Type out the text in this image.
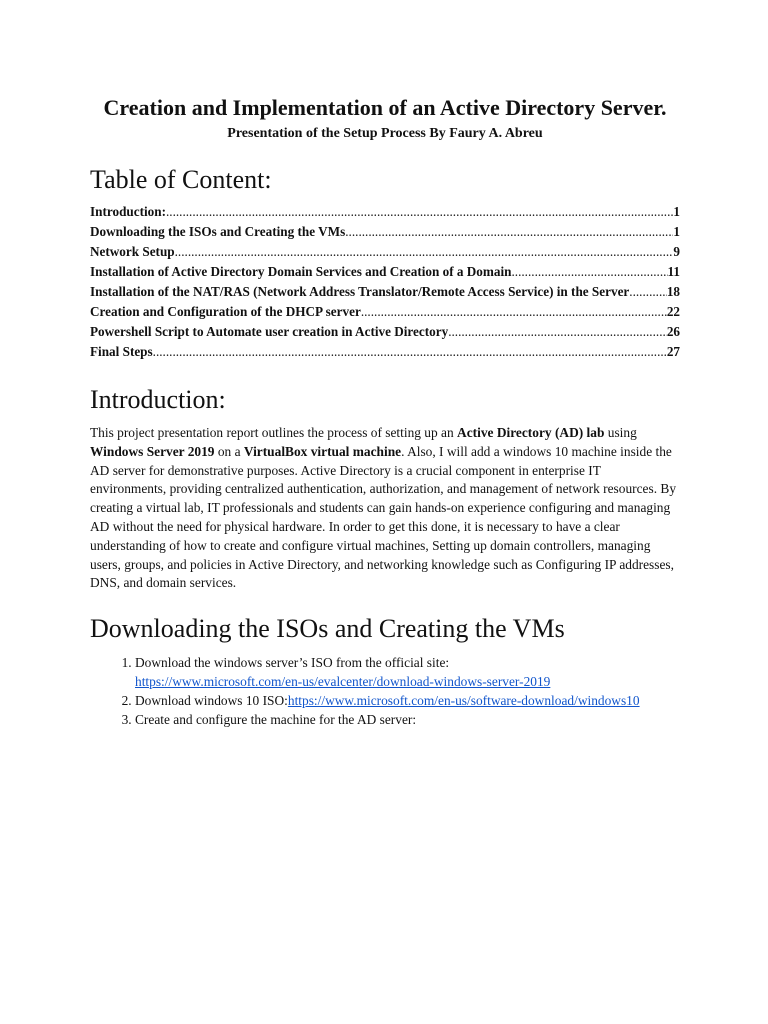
Creation and Implementation of an Active Directory Server.

Presentation of the Setup Process By Faury A. Abreu

Table of Content:
Introduction: .....	1
Downloading the ISOs and Creating the VMs .....	1
Network Setup .....	9
Installation of Active Directory Domain Services and Creation of a Domain .....	11
Installation of the NAT/RAS (Network Address Translator/Remote Access Service) in the Server .....	18
Creation and Configuration of the DHCP server .....	22
Powershell Script to Automate user creation in Active Directory .....	26
Final Steps .....	27
Introduction:

This project presentation report outlines the process of setting up an Active Directory (AD) lab using Windows Server 2019 on a VirtualBox virtual machine. Also, I will add a windows 10 machine inside the AD server for demonstrative purposes. Active Directory is a crucial component in enterprise IT environments, providing centralized authentication, authorization, and management of network resources. By creating a virtual lab, IT professionals and students can gain hands-on experience configuring and managing AD without the need for physical hardware. In order to get this done, it is necessary to have a clear understanding of how to create and configure virtual machines, Setting up domain controllers, managing users, groups, and policies in Active Directory, and networking knowledge such as Configuring IP addresses, DNS, and domain services.

Downloading the ISOs and Creating the VMs
1. Download the windows server’s ISO from the official site:
https://www.microsoft.com/en-us/evalcenter/download-windows-server-2019
2. Download windows 10 ISO:https://www.microsoft.com/en-us/software-download/windows10
3. Create and configure the machine for the AD server:
